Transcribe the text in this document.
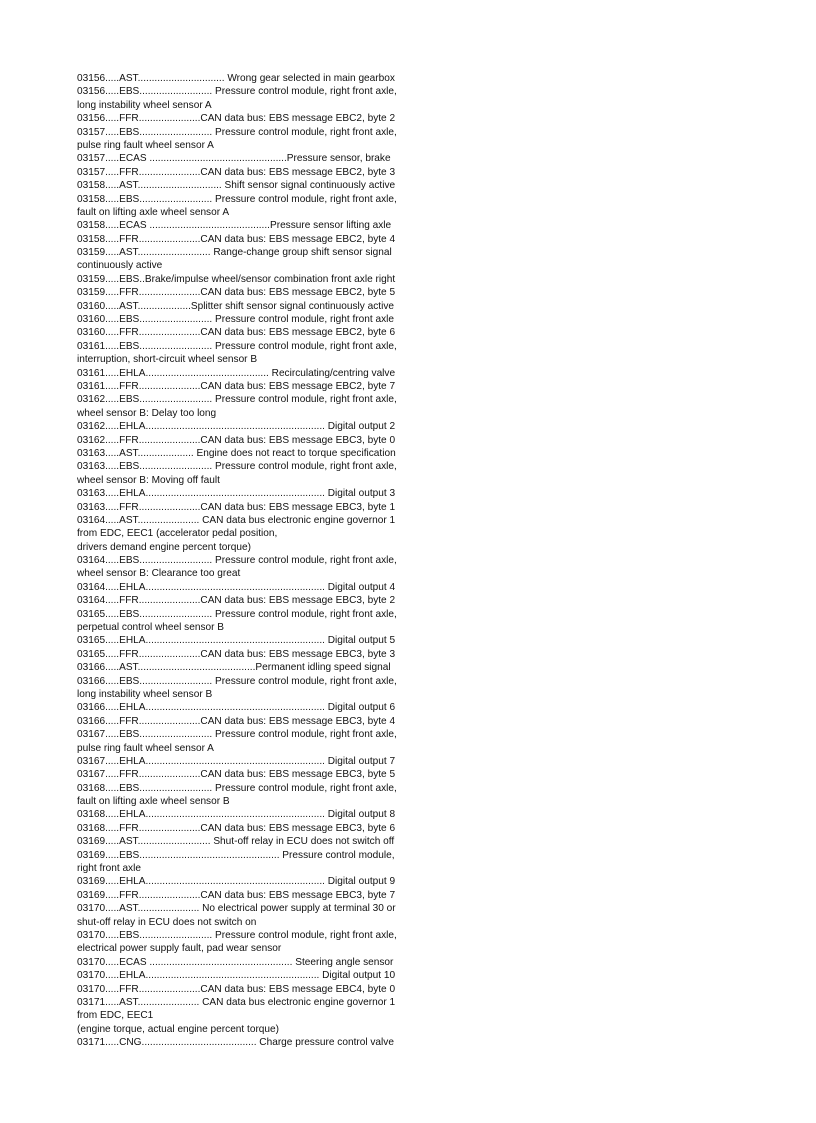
03156.....AST............................... Wrong gear selected in main gearbox
03156.....EBS.......................... Pressure control module, right front axle,
long instability wheel sensor A
03156.....FFR......................CAN data bus: EBS message EBC2, byte 2
03157.....EBS.......................... Pressure control module, right front axle,
pulse ring fault wheel sensor A
03157.....ECAS .................................................Pressure sensor, brake
03157.....FFR......................CAN data bus: EBS message EBC2, byte 3
03158.....AST.............................. Shift sensor signal continuously active
03158.....EBS.......................... Pressure control module, right front axle,
fault on lifting axle wheel sensor A
03158.....ECAS ...........................................Pressure sensor lifting axle
03158.....FFR......................CAN data bus: EBS message EBC2, byte 4
03159.....AST.......................... Range-change group shift sensor signal
continuously active
03159.....EBS..Brake/impulse wheel/sensor combination front axle right
03159.....FFR......................CAN data bus: EBS message EBC2, byte 5
03160.....AST...................Splitter shift sensor signal continuously active
03160.....EBS.......................... Pressure control module, right front axle
03160.....FFR......................CAN data bus: EBS message EBC2, byte 6
03161.....EBS.......................... Pressure control module, right front axle,
interruption, short-circuit wheel sensor B
03161.....EHLA............................................ Recirculating/centring valve
03161.....FFR......................CAN data bus: EBS message EBC2, byte 7
03162.....EBS.......................... Pressure control module, right front axle,
wheel sensor B: Delay too long
03162.....EHLA................................................................ Digital output 2
03162.....FFR......................CAN data bus: EBS message EBC3, byte 0
03163.....AST.................... Engine does not react to torque specification
03163.....EBS.......................... Pressure control module, right front axle,
wheel sensor B: Moving off fault
03163.....EHLA................................................................ Digital output 3
03163.....FFR......................CAN data bus: EBS message EBC3, byte 1
03164.....AST...................... CAN data bus electronic engine governor 1
from EDC, EEC1 (accelerator pedal position,
drivers demand engine percent torque)
03164.....EBS.......................... Pressure control module, right front axle,
wheel sensor B: Clearance too great
03164.....EHLA................................................................ Digital output 4
03164.....FFR......................CAN data bus: EBS message EBC3, byte 2
03165.....EBS.......................... Pressure control module, right front axle,
perpetual control wheel sensor B
03165.....EHLA................................................................ Digital output 5
03165.....FFR......................CAN data bus: EBS message EBC3, byte 3
03166.....AST..........................................Permanent idling speed signal
03166.....EBS.......................... Pressure control module, right front axle,
long instability wheel sensor B
03166.....EHLA................................................................ Digital output 6
03166.....FFR......................CAN data bus: EBS message EBC3, byte 4
03167.....EBS.......................... Pressure control module, right front axle,
pulse ring fault wheel sensor A
03167.....EHLA................................................................ Digital output 7
03167.....FFR......................CAN data bus: EBS message EBC3, byte 5
03168.....EBS.......................... Pressure control module, right front axle,
fault on lifting axle wheel sensor B
03168.....EHLA................................................................ Digital output 8
03168.....FFR......................CAN data bus: EBS message EBC3, byte 6
03169.....AST.......................... Shut-off relay in ECU does not switch off
03169.....EBS.................................................. Pressure control module,
right front axle
03169.....EHLA................................................................ Digital output 9
03169.....FFR......................CAN data bus: EBS message EBC3, byte 7
03170.....AST...................... No electrical power supply at terminal 30 or
shut-off relay in ECU does not switch on
03170.....EBS.......................... Pressure control module, right front axle,
electrical power supply fault, pad wear sensor
03170.....ECAS ................................................... Steering angle sensor
03170.....EHLA.............................................................. Digital output 10
03170.....FFR......................CAN data bus: EBS message EBC4, byte 0
03171.....AST...................... CAN data bus electronic engine governor 1
from EDC, EEC1
(engine torque, actual engine percent torque)
03171.....CNG......................................... Charge pressure control valve
